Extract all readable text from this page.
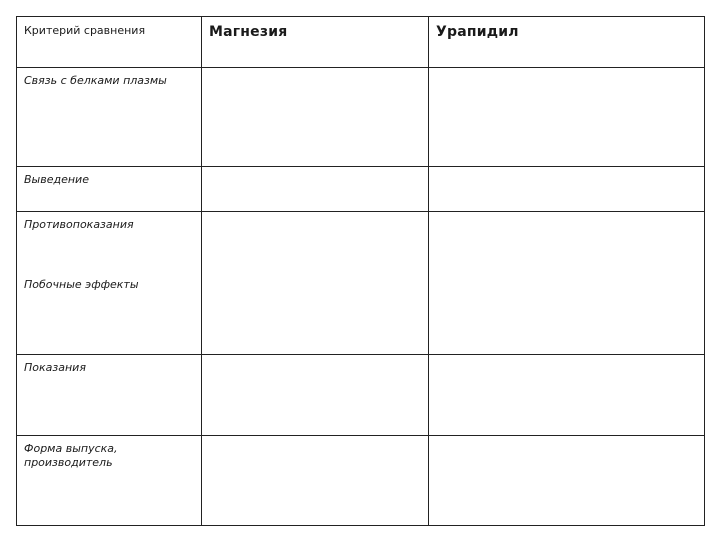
Критерий сравнения	Магнезия	Урапидил

Связь с белками плазмы		

Выведение		

Противопоказания
Побочные эффекты		

Показания		

Форма выпуска, производитель		
